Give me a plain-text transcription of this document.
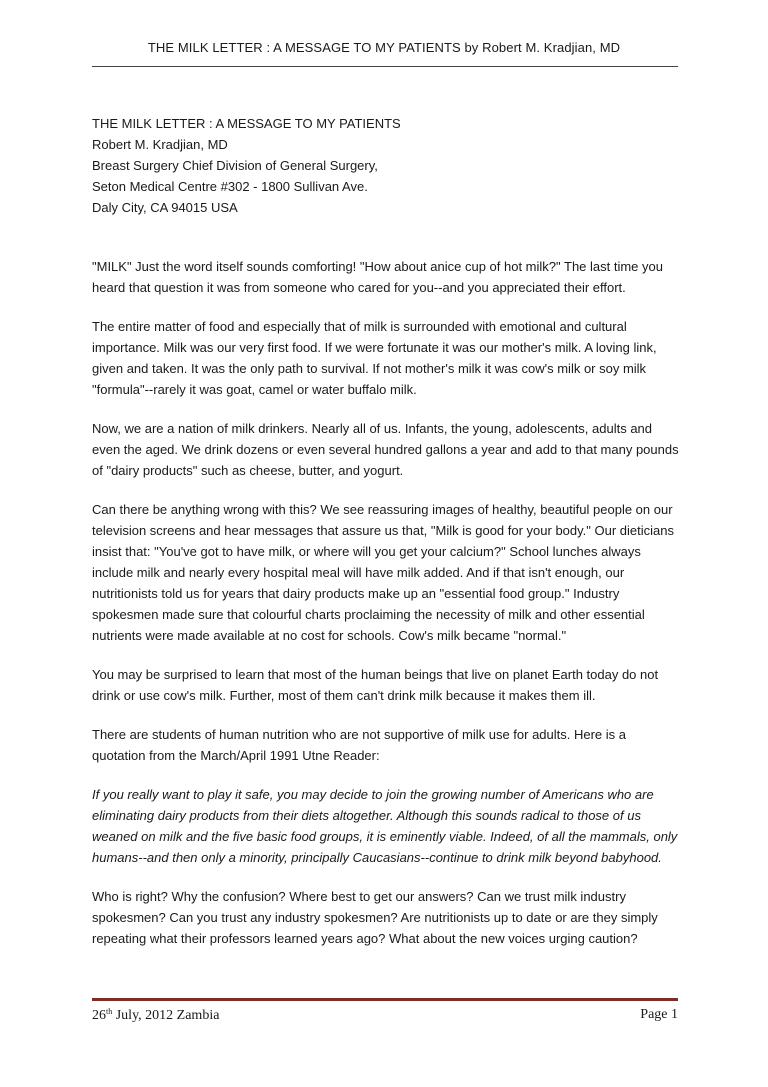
THE MILK LETTER : A MESSAGE TO MY PATIENTS by Robert M. Kradjian, MD

THE MILK LETTER : A MESSAGE TO MY PATIENTS

Robert M. Kradjian, MD

Breast Surgery Chief Division of General Surgery,

Seton Medical Centre #302 - 1800 Sullivan Ave.

Daly City, CA 94015 USA

"MILK" Just the word itself sounds comforting! "How about anice cup of hot milk?" The last time you heard that question it was from someone who cared for you--and you appreciated their effort.

The entire matter of food and especially that of milk is surrounded with emotional and cultural importance. Milk was our very first food. If we were fortunate it was our mother's milk. A loving link, given and taken. It was the only path to survival. If not mother's milk it was cow's milk or soy milk "formula"--rarely it was goat, camel or water buffalo milk.

Now, we are a nation of milk drinkers. Nearly all of us. Infants, the young, adolescents, adults and even the aged. We drink dozens or even several hundred gallons a year and add to that many pounds of "dairy products" such as cheese, butter, and yogurt.

Can there be anything wrong with this? We see reassuring images of healthy, beautiful people on our television screens and hear messages that assure us that, "Milk is good for your body." Our dieticians insist that: "You've got to have milk, or where will you get your calcium?" School lunches always include milk and nearly every hospital meal will have milk added. And if that isn't enough, our nutritionists told us for years that dairy products make up an "essential food group." Industry spokesmen made sure that colourful charts proclaiming the necessity of milk and other essential nutrients were made available at no cost for schools. Cow's milk became "normal."

You may be surprised to learn that most of the human beings that live on planet Earth today do not drink or use cow's milk. Further, most of them can't drink milk because it makes them ill.

There are students of human nutrition who are not supportive of milk use for adults. Here is a quotation from the March/April 1991 Utne Reader:

If you really want to play it safe, you may decide to join the growing number of Americans who are eliminating dairy products from their diets altogether. Although this sounds radical to those of us weaned on milk and the five basic food groups, it is eminently viable. Indeed, of all the mammals, only humans--and then only a minority, principally Caucasians--continue to drink milk beyond babyhood.

Who is right? Why the confusion? Where best to get our answers? Can we trust milk industry spokesmen? Can you trust any industry spokesmen? Are nutritionists up to date or are they simply repeating what their professors learned years ago? What about the new voices urging caution?

26th July, 2012 Zambia	Page 1
